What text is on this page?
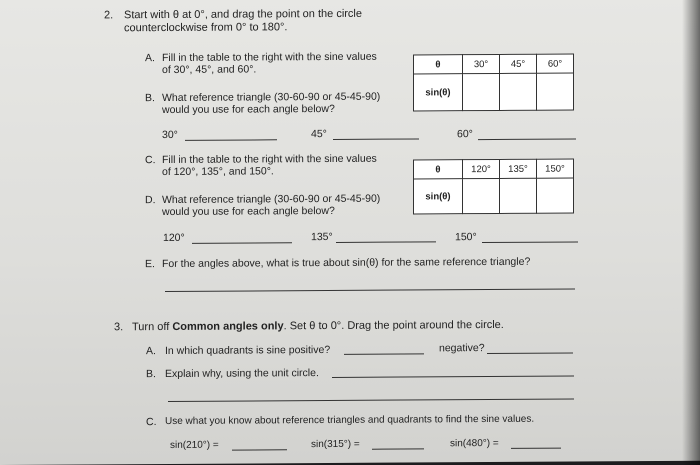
2. Start with θ at 0°, and drag the point on the circle
counterclockwise from 0° to 180°.
A. Fill in the table to the right with the sine values
of 30°, 45°, and 60°.	θ	30°	45°	60°
sin(θ)			
B. What reference triangle (30-60-90 or 45-45-90)
would you use for each angle below?
30°	45°	60°
C. Fill in the table to the right with the sine values
of 120°, 135°, and 150°.	θ	120°	135°	150°
sin(θ)			
D. What reference triangle (30-60-90 or 45-45-90)
would you use for each angle below?
120°	135°	150°
E. For the angles above, what is true about sin(θ) for the same reference triangle?
3. Turn off Common angles only. Set θ to 0°. Drag the point around the circle.
A. In which quadrants is sine positive?	negative?
B. Explain why, using the unit circle.
C. Use what you know about reference triangles and quadrants to find the sine values.
sin(210°) =	sin(315°) =	sin(480°) =
